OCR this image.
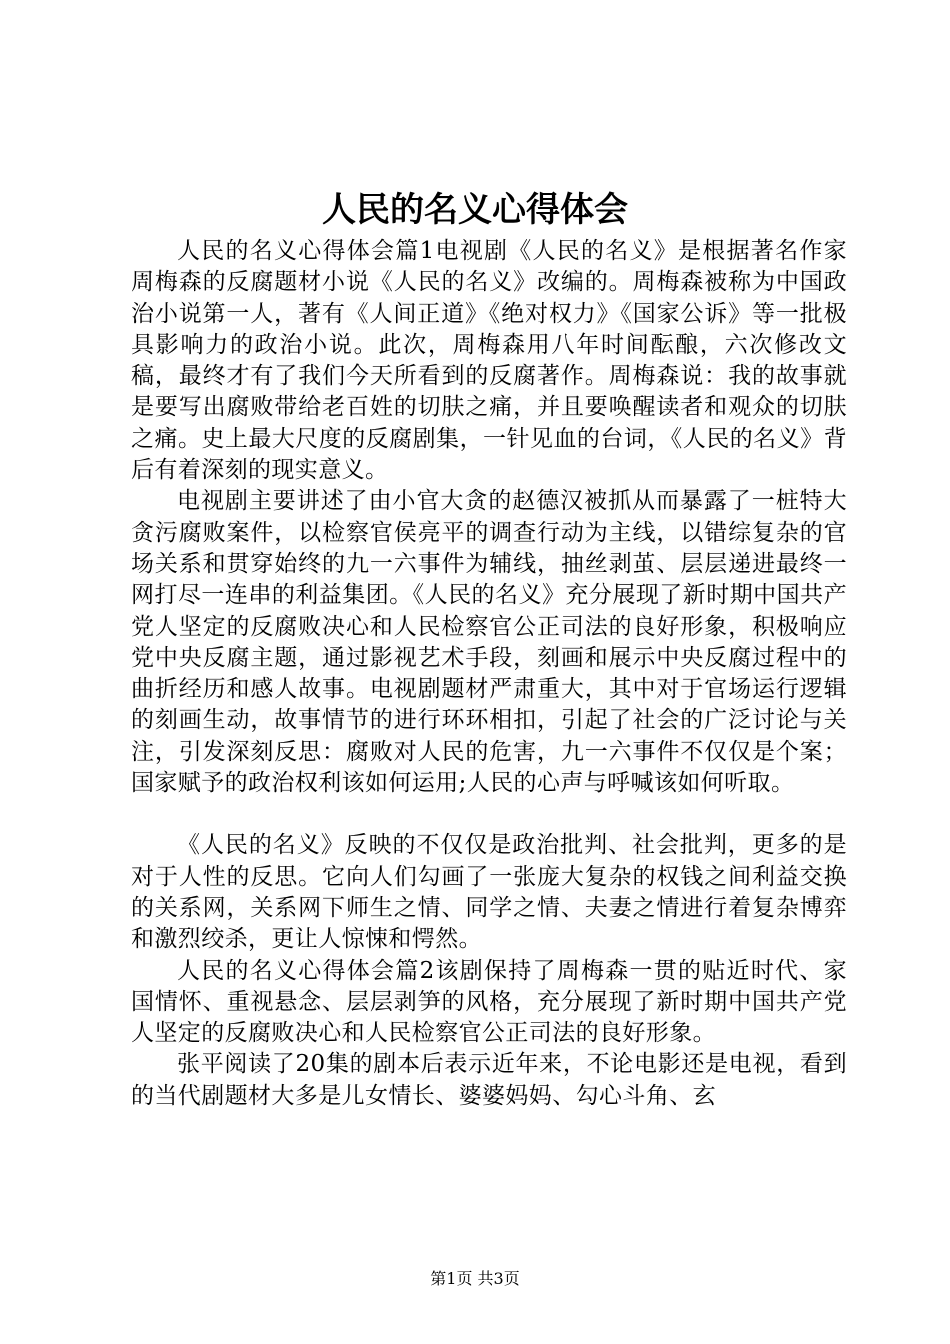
人民的名义心得体会

人民的名义心得体会篇1电视剧《人民的名义》是根据著名作家周梅森的反腐题材小说《人民的名义》改编的。周梅森被称为中国政治小说第一人，著有《人间正道》《绝对权力》《国家公诉》等一批极具影响力的政治小说。此次，周梅森用八年时间酝酿，六次修改文稿，最终才有了我们今天所看到的反腐著作。周梅森说：我的故事就是要写出腐败带给老百姓的切肤之痛，并且要唤醒读者和观众的切肤之痛。史上最大尺度的反腐剧集，一针见血的台词，《人民的名义》背后有着深刻的现实意义。

电视剧主要讲述了由小官大贪的赵德汉被抓从而暴露了一桩特大贪污腐败案件，以检察官侯亮平的调查行动为主线，以错综复杂的官场关系和贯穿始终的九一六事件为辅线，抽丝剥茧、层层递进最终一网打尽一连串的利益集团。《人民的名义》充分展现了新时期中国共产党人坚定的反腐败决心和人民检察官公正司法的良好形象，积极响应党中央反腐主题，通过影视艺术手段，刻画和展示中央反腐过程中的曲折经历和感人故事。电视剧题材严肃重大，其中对于官场运行逻辑的刻画生动，故事情节的进行环环相扣，引起了社会的广泛讨论与关注，引发深刻反思：腐败对人民的危害，九一六事件不仅仅是个案；国家赋予的政治权利该如何运用;人民的心声与呼喊该如何听取。

《人民的名义》反映的不仅仅是政治批判、社会批判，更多的是对于人性的反思。它向人们勾画了一张庞大复杂的权钱之间利益交换的关系网，关系网下师生之情、同学之情、夫妻之情进行着复杂博弈和激烈绞杀，更让人惊悚和愕然。

人民的名义心得体会篇2该剧保持了周梅森一贯的贴近时代、家国情怀、重视悬念、层层剥笋的风格，充分展现了新时期中国共产党人坚定的反腐败决心和人民检察官公正司法的良好形象。

张平阅读了20集的剧本后表示近年来，不论电影还是电视，看到的当代剧题材大多是儿女情长、婆婆妈妈、勾心斗角、玄

第1页 共3页
